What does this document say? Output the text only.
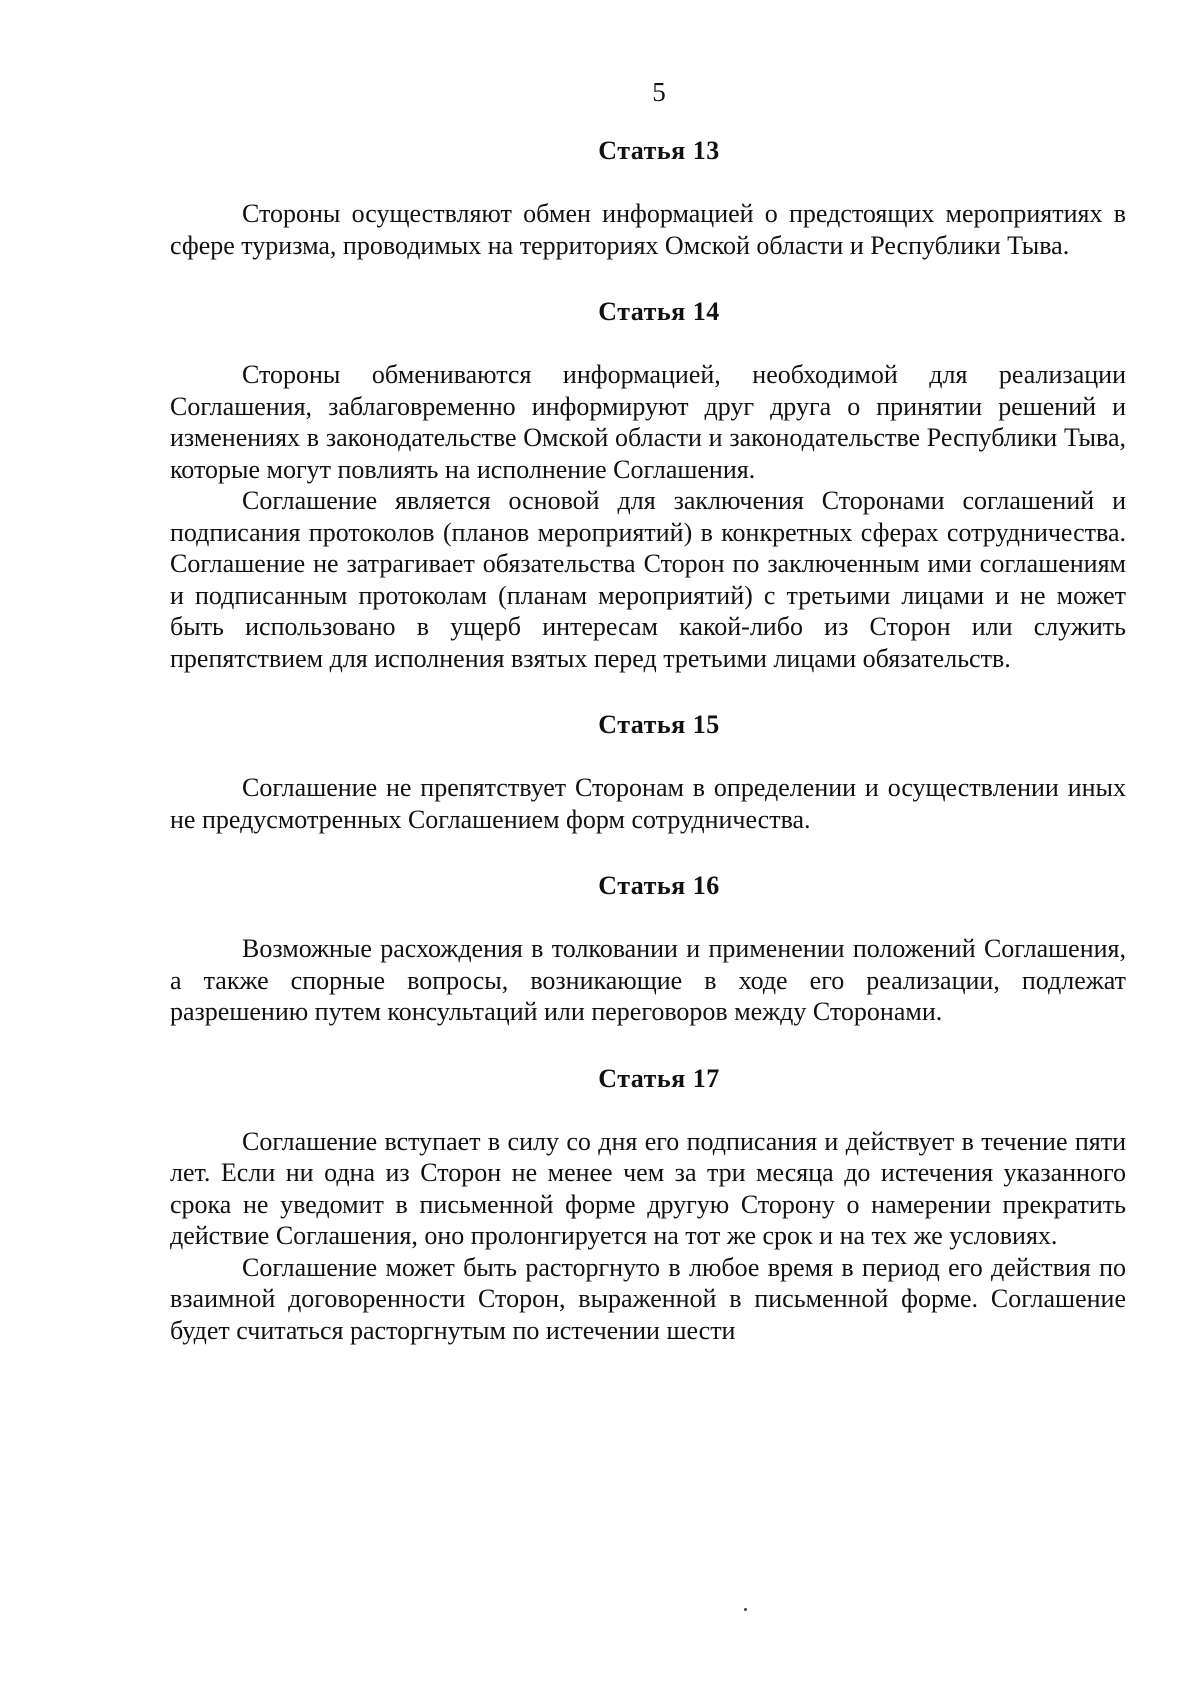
5
Статья 13

Стороны осуществляют обмен информацией о предстоящих мероприятиях в сфере туризма, проводимых на территориях Омской области и Республики Тыва.

Статья 14

Стороны обмениваются информацией, необходимой для реализации Соглашения, заблаговременно информируют друг друга о принятии решений и изменениях в законодательстве Омской области и законодательстве Республики Тыва, которые могут повлиять на исполнение Соглашения.

Соглашение является основой для заключения Сторонами соглашений и подписания протоколов (планов мероприятий) в конкретных сферах сотрудничества. Соглашение не затрагивает обязательства Сторон по заключенным ими соглашениям и подписанным протоколам (планам мероприятий) с третьими лицами и не может быть использовано в ущерб интересам какой-либо из Сторон или служить препятствием для исполнения взятых перед третьими лицами обязательств.

Статья 15

Соглашение не препятствует Сторонам в определении и осуществлении иных не предусмотренных Соглашением форм сотрудничества.

Статья 16

Возможные расхождения в толковании и применении положений Соглашения, а также спорные вопросы, возникающие в ходе его реализации, подлежат разрешению путем консультаций или переговоров между Сторонами.

Статья 17

Соглашение вступает в силу со дня его подписания и действует в течение пяти лет. Если ни одна из Сторон не менее чем за три месяца до истечения указанного срока не уведомит в письменной форме другую Сторону о намерении прекратить действие Соглашения, оно пролонгируется на тот же срок и на тех же условиях.

Соглашение может быть расторгнуто в любое время в период его действия по взаимной договоренности Сторон, выраженной в письменной форме. Соглашение будет считаться расторгнутым по истечении шести
